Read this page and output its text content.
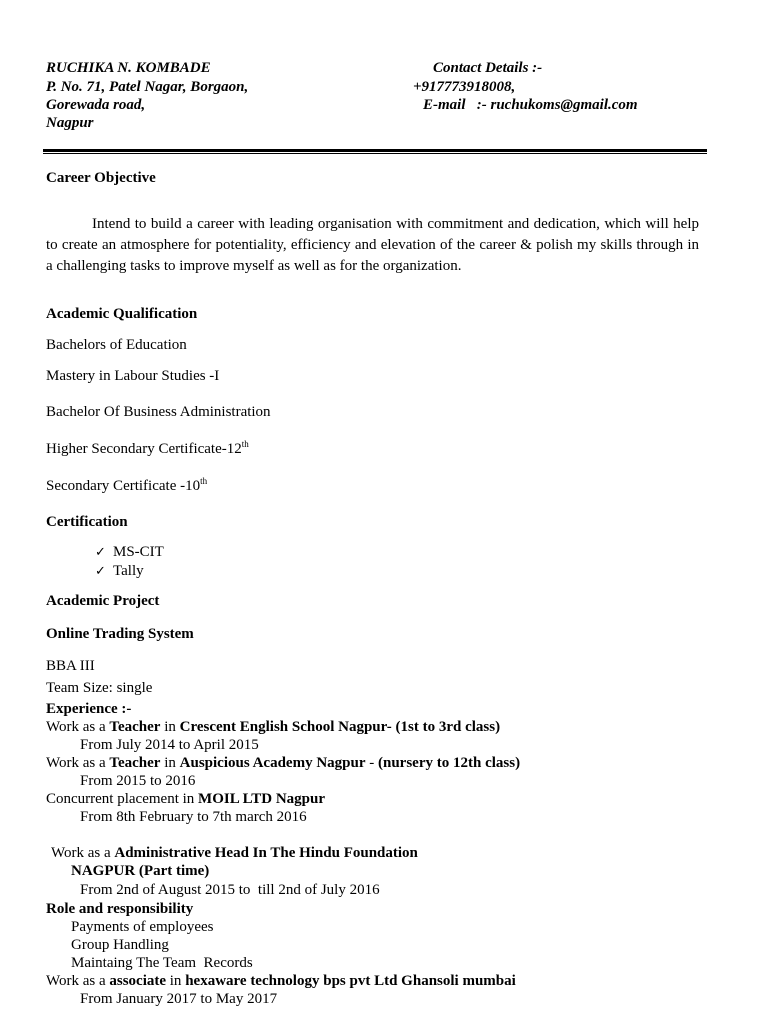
RUCHIKA N. KOMBADE
P. No. 71, Patel Nagar, Borgaon,
Gorewada road,
Nagpur
Contact Details :-
+917773918008,
E-mail   :- ruchukoms@gmail.com
Career Objective
Intend to build a career with leading organisation with commitment and dedication, which will help to create an atmosphere for potentiality, efficiency and elevation of the career & polish my skills through in a challenging tasks to improve myself as well as for the organization.
Academic Qualification
Bachelors of Education
Mastery in Labour Studies -I
Bachelor Of Business Administration
Higher Secondary Certificate-12th
Secondary Certificate -10th
Certification
✓ MS-CIT
✓ Tally
Academic Project
Online Trading System
BBA III
Team Size: single
Experience :-
Work as a Teacher in Crescent English School Nagpur- (1st to 3rd class)
From July 2014 to April 2015
Work as a Teacher in Auspicious Academy Nagpur - (nursery to 12th class)
From 2015 to 2016
Concurrent placement in MOIL LTD Nagpur
From 8th February to 7th march 2016
Work as a Administrative Head In The Hindu Foundation
NAGPUR (Part time)
From 2nd of August 2015 to  till 2nd of July 2016
Role and responsibility
Payments of employees
Group Handling
Maintaing The Team  Records
Work as a associate in hexaware technology bps pvt Ltd Ghansoli mumbai
From January 2017 to May 2017
